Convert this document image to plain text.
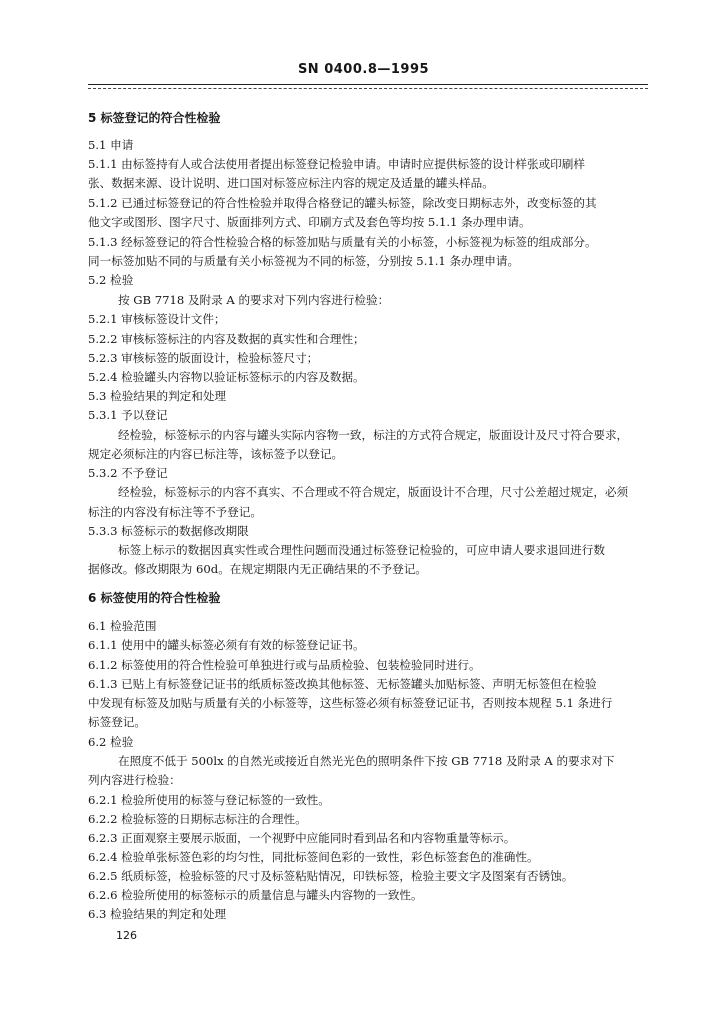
SN 0400.8—1995
5 标签登记的符合性检验
5.1 申请
5.1.1 由标签持有人或合法使用者提出标签登记检验申请。申请时应提供标签的设计样张或印刷样
张、数据来源、设计说明、进口国对标签应标注内容的规定及适量的罐头样品。
5.1.2 已通过标签登记的符合性检验并取得合格登记的罐头标签，除改变日期标志外，改变标签的其
他文字或图形、图字尺寸、版面排列方式、印刷方式及套色等均按 5.1.1 条办理申请。
5.1.3 经标签登记的符合性检验合格的标签加贴与质量有关的小标签，小标签视为标签的组成部分。
同一标签加贴不同的与质量有关小标签视为不同的标签，分别按 5.1.1 条办理申请。
5.2 检验
按 GB 7718 及附录 A 的要求对下列内容进行检验：
5.2.1 审核标签设计文件；
5.2.2 审核标签标注的内容及数据的真实性和合理性；
5.2.3 审核标签的版面设计，检验标签尺寸；
5.2.4 检验罐头内容物以验证标签标示的内容及数据。
5.3 检验结果的判定和处理
5.3.1 予以登记
经检验，标签标示的内容与罐头实际内容物一致，标注的方式符合规定，版面设计及尺寸符合要求，
规定必须标注的内容已标注等，该标签予以登记。
5.3.2 不予登记
经检验，标签标示的内容不真实、不合理或不符合规定，版面设计不合理，尺寸公差超过规定，必须
标注的内容没有标注等不予登记。
5.3.3 标签标示的数据修改期限
标签上标示的数据因真实性或合理性问题而没通过标签登记检验的，可应申请人要求退回进行数
据修改。修改期限为 60d。在规定期限内无正确结果的不予登记。
6 标签使用的符合性检验
6.1 检验范围
6.1.1 使用中的罐头标签必须有有效的标签登记证书。
6.1.2 标签使用的符合性检验可单独进行或与品质检验、包装检验同时进行。
6.1.3 已贴上有标签登记证书的纸质标签改换其他标签、无标签罐头加贴标签、声明无标签但在检验
中发现有标签及加贴与质量有关的小标签等，这些标签必须有标签登记证书，否则按本规程 5.1 条进行
标签登记。
6.2 检验
在照度不低于 500lx 的自然光或接近自然光光色的照明条件下按 GB 7718 及附录 A 的要求对下
列内容进行检验：
6.2.1 检验所使用的标签与登记标签的一致性。
6.2.2 检验标签的日期标志标注的合理性。
6.2.3 正面观察主要展示版面，一个视野中应能同时看到品名和内容物重量等标示。
6.2.4 检验单张标签色彩的均匀性，同批标签间色彩的一致性，彩色标签套色的准确性。
6.2.5 纸质标签，检验标签的尺寸及标签粘贴情况，印铁标签，检验主要文字及图案有否锈蚀。
6.2.6 检验所使用的标签标示的质量信息与罐头内容物的一致性。
6.3 检验结果的判定和处理
126
